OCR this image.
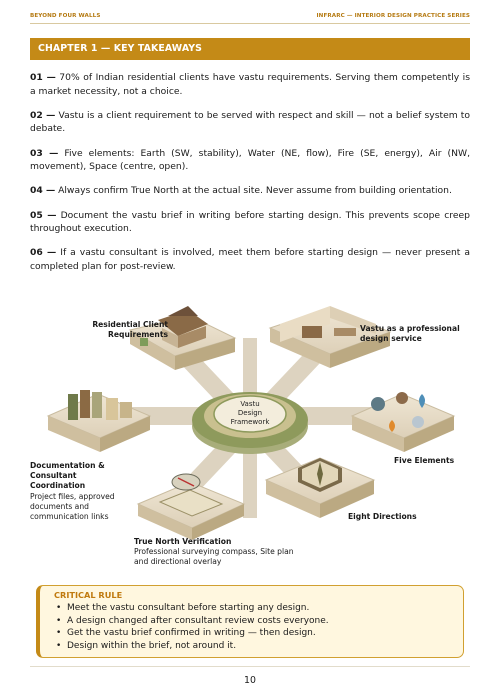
BEYOND FOUR WALLS	INFRARC — INTERIOR DESIGN PRACTICE SERIES
CHAPTER 1 — KEY TAKEAWAYS

01 — 70% of Indian residential clients have vastu requirements. Serving them competently is a market necessity, not a choice.

02 — Vastu is a client requirement to be served with respect and skill — not a belief system to debate.

03 — Five elements: Earth (SW, stability), Water (NE, flow), Fire (SE, energy), Air (NW, movement), Space (centre, open).

04 — Always confirm True North at the actual site. Never assume from building orientation.

05 — Document the vastu brief in writing before starting design. This prevents scope creep throughout execution.

06 — If a vastu consultant is involved, meet them before starting design — never present a completed plan for post-review.

Vastu
Design
Framework
Residential Client Requirements
Vastu as a professional
design service
Five Elements
Eight Directions
Documentation & Consultant Coordination
Project files, approved documents and communication links
True North Verification
Professional surveying compass, Site plan and directional overlay
CRITICAL RULE
• Meet the vastu consultant before starting any design.
• A design changed after consultant review costs everyone.
• Get the vastu brief confirmed in writing — then design.
• Design within the brief, not around it.
10
